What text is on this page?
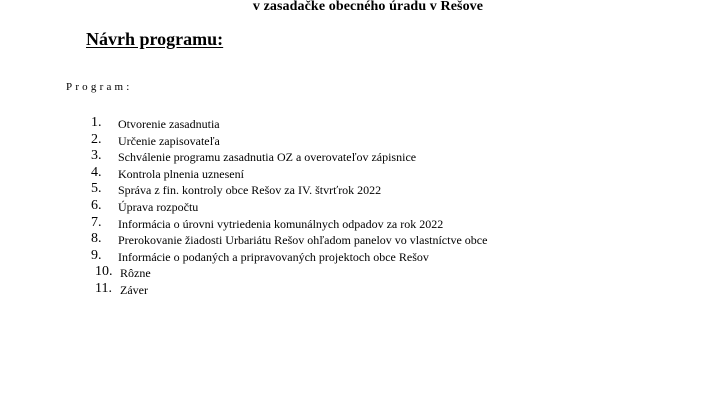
v zasadačke obecného úradu v Rešove
Návrh programu:
Program:
1. Otvorenie zasadnutia
2. Určenie zapisovateľa
3. Schválenie programu zasadnutia OZ a overovateľov zápisnice
4. Kontrola plnenia uznesení
5. Správa z fin. kontroly obce Rešov za IV. štvrťrok 2022
6. Úprava rozpočtu
7. Informácia o úrovni vytriedenia komunálnych odpadov za rok 2022
8. Prerokovanie žiadosti Urbariátu Rešov ohľadom panelov vo vlastníctve obce
9. Informácie o podaných a pripravovaných projektoch obce Rešov
10. Rôzne
11. Záver
